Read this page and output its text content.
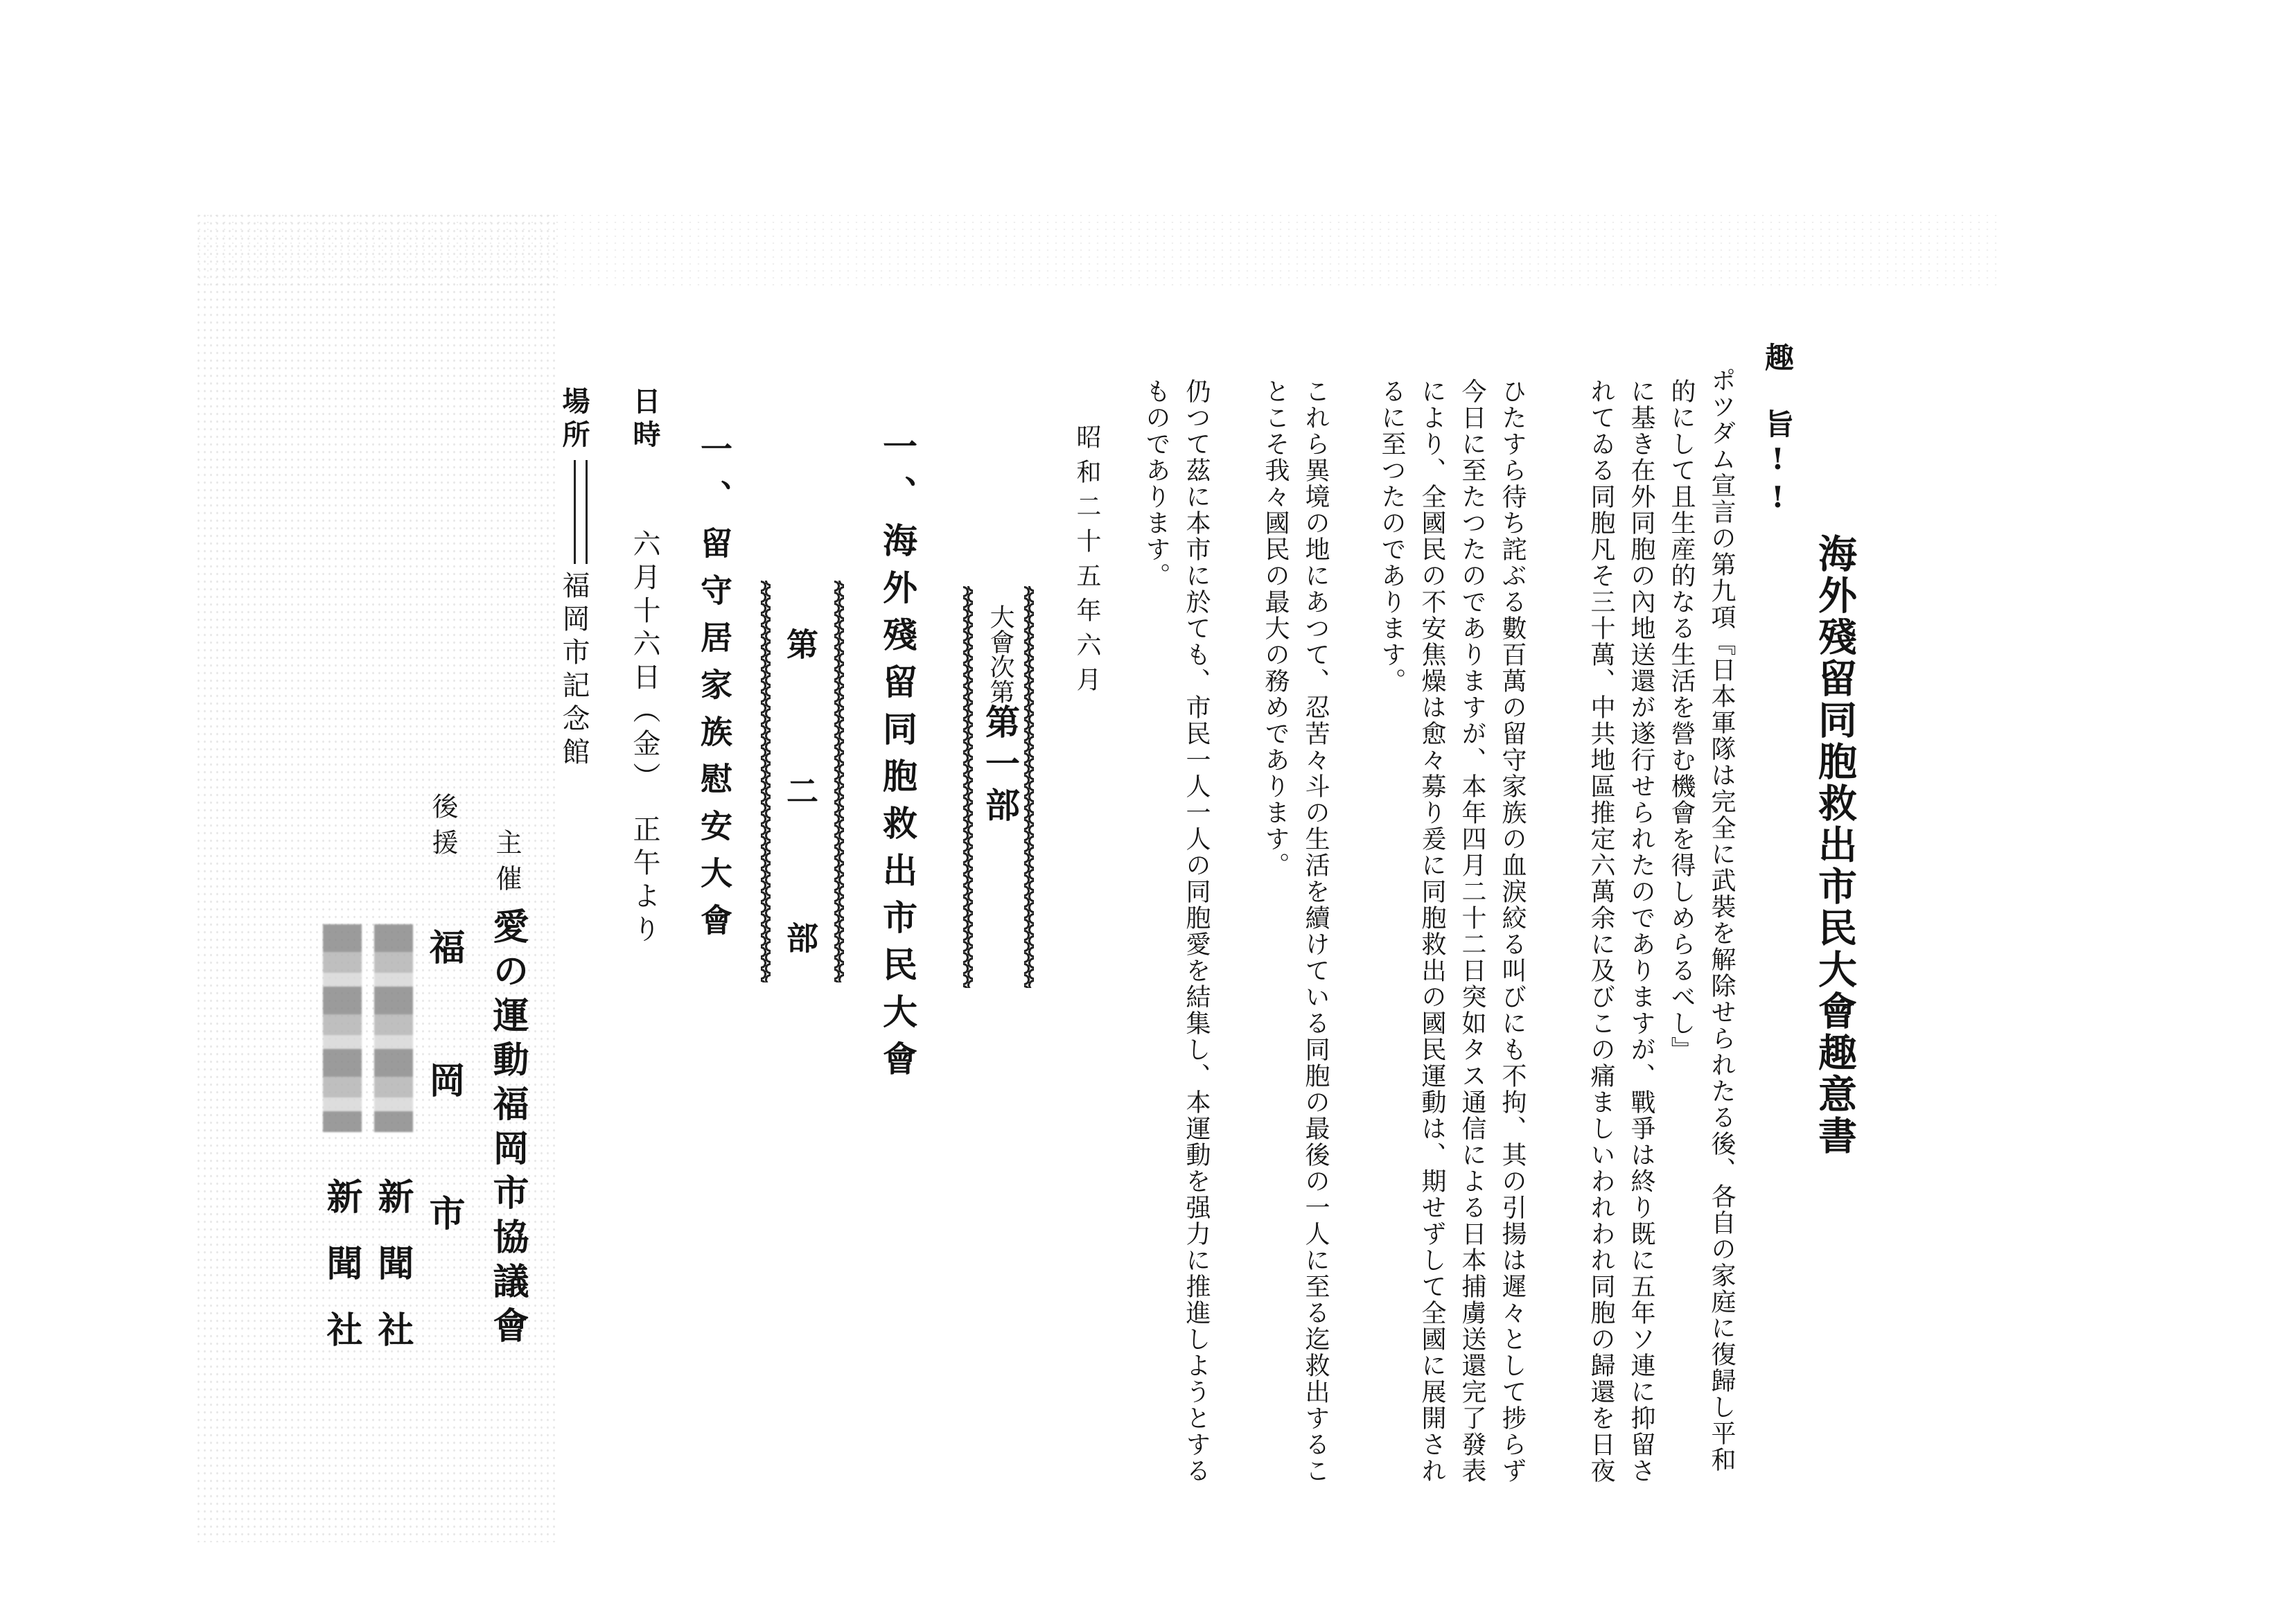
海外殘留同胞救出市民大會趣意書
趣　旨!!
ポツダム宣言の第九項『日本軍隊は完全に武裝を解除せられたる後、各自の家庭に復歸し平和
的にして且生産的なる生活を營む機會を得しめらるべし』
に基き在外同胞の內地送還が遂行せられたのでありますが、戰爭は終り既に五年ソ連に抑留さ
れてゐる同胞凡そ三十萬、中共地區推定六萬余に及びこの痛ましいわれわれ同胞の歸還を日夜
ひたすら待ち詫ぶる數百萬の留守家族の血淚絞る叫びにも不拘、其の引揚は遲々として捗らず
今日に至たつたのでありますが、本年四月二十二日突如タス通信による日本捕虜送還完了發表
により、全國民の不安焦燥は愈々募り爰に同胞救出の國民運動は、期せずして全國に展開され
るに至つたのであります。
これら異境の地にあつて、忍苦々斗の生活を續けている同胞の最後の一人に至る迄救出するこ
とこそ我々國民の最大の務めであります。
仍つて茲に本市に於ても、市民一人一人の同胞愛を結集し、本運動を强力に推進しようとする
ものであります。
昭和二十五年六月
大會次第第一部
一、海外殘留同胞救出市民大會
第　二　部
一、留守居家族慰安大會
日時六月十六日（金）　正午より
場所福岡市記念館
主催
愛の運動福岡市協議會
後援
福　岡　市
新聞社
新聞社
